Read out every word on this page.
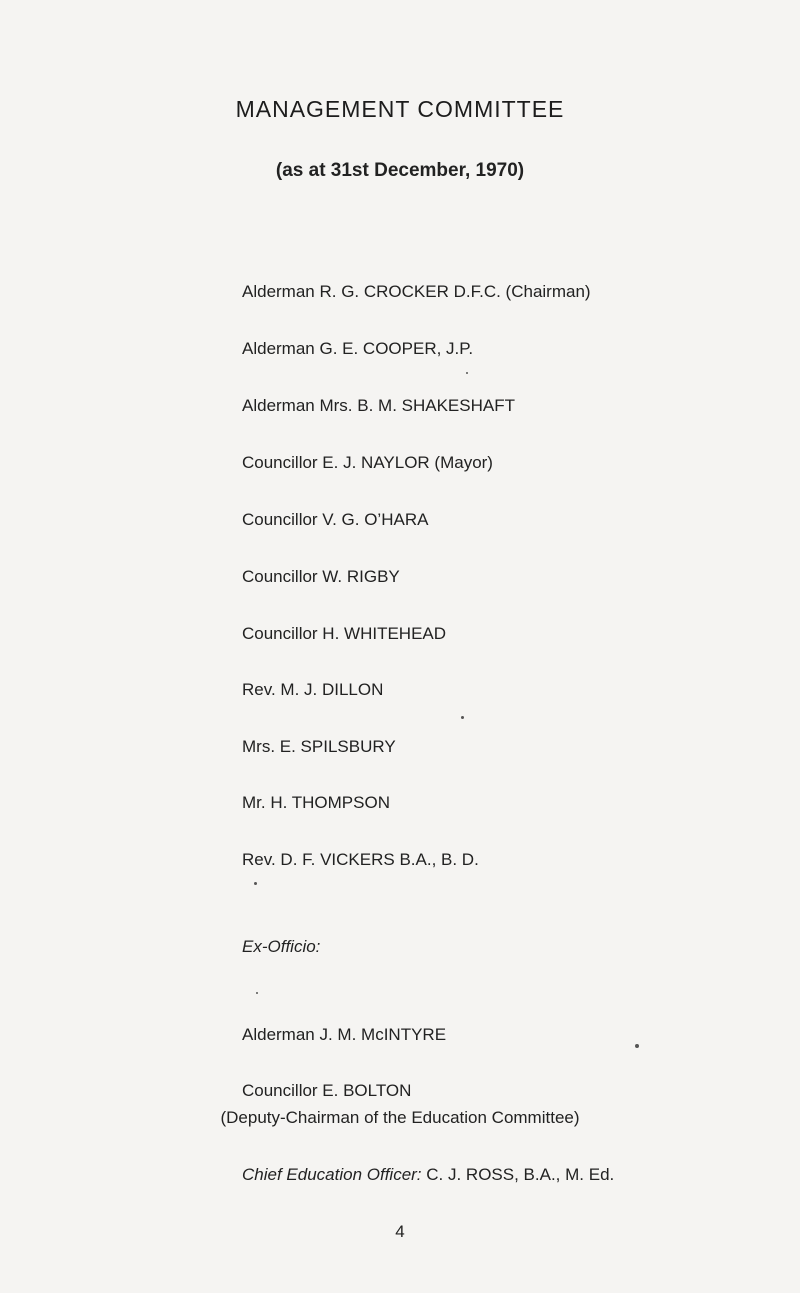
MANAGEMENT COMMITTEE
(as at 31st December, 1970)
Alderman R. G. CROCKER D.F.C. (Chairman)
Alderman G. E. COOPER, J.P.
Alderman Mrs. B. M. SHAKESHAFT
Councillor E. J. NAYLOR (Mayor)
Councillor V. G. O’HARA
Councillor W. RIGBY
Councillor H. WHITEHEAD
Rev. M. J. DILLON
Mrs. E. SPILSBURY
Mr. H. THOMPSON
Rev. D. F. VICKERS B.A., B. D.
Ex-Officio:
Alderman J. M. McINTYRE
Councillor E. BOLTON
(Deputy-Chairman of the Education Committee)
Chief Education Officer: C. J. ROSS, B.A., M. Ed.
4
